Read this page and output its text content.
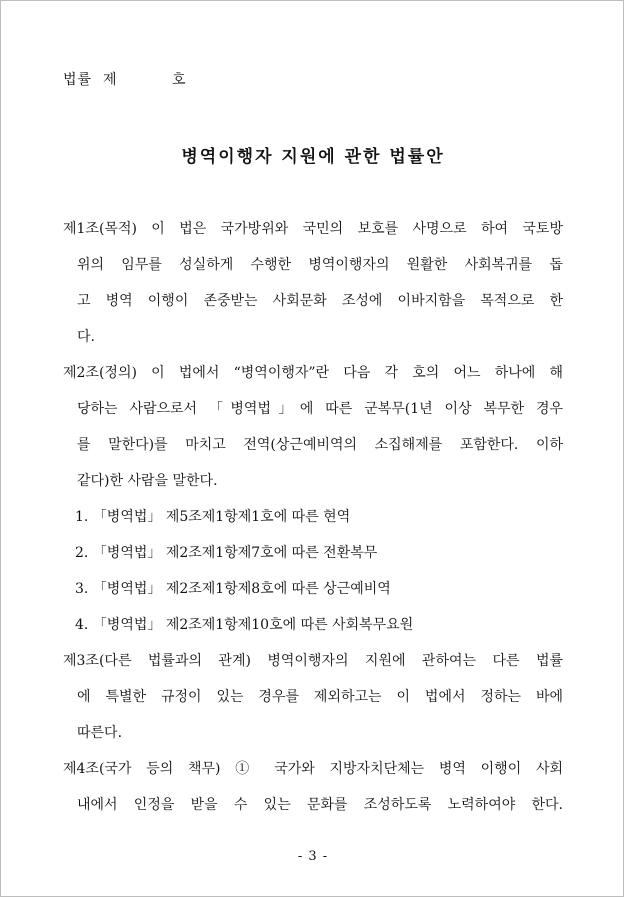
법률  제          호
병역이행자 지원에 관한 법률안
제1조(목적) 이 법은 국가방위와 국민의 보호를 사명으로 하여 국토방
위의 임무를 성실하게 수행한 병역이행자의 원활한 사회복귀를 돕
고 병역 이행이 존중받는 사회문화 조성에 이바지함을 목적으로 한
다.
제2조(정의) 이 법에서 “병역이행자”란 다음 각 호의 어느 하나에 해
당하는 사람으로서 「병역법」에 따른 군복무(1년 이상 복무한 경우
를 말한다)를 마치고 전역(상근예비역의 소집해제를 포함한다. 이하
같다)한 사람을 말한다.
1. 「병역법」 제5조제1항제1호에 따른 현역
2. 「병역법」 제2조제1항제7호에 따른 전환복무
3. 「병역법」 제2조제1항제8호에 따른 상근예비역
4. 「병역법」 제2조제1항제10호에 따른 사회복무요원
제3조(다른 법률과의 관계) 병역이행자의 지원에 관하여는 다른 법률
에 특별한 규정이 있는 경우를 제외하고는 이 법에서 정하는 바에
따른다.
제4조(국가 등의 책무) ① 국가와 지방자치단체는 병역 이행이 사회
내에서 인정을 받을 수 있는 문화를 조성하도록 노력하여야 한다.
- 3 -
